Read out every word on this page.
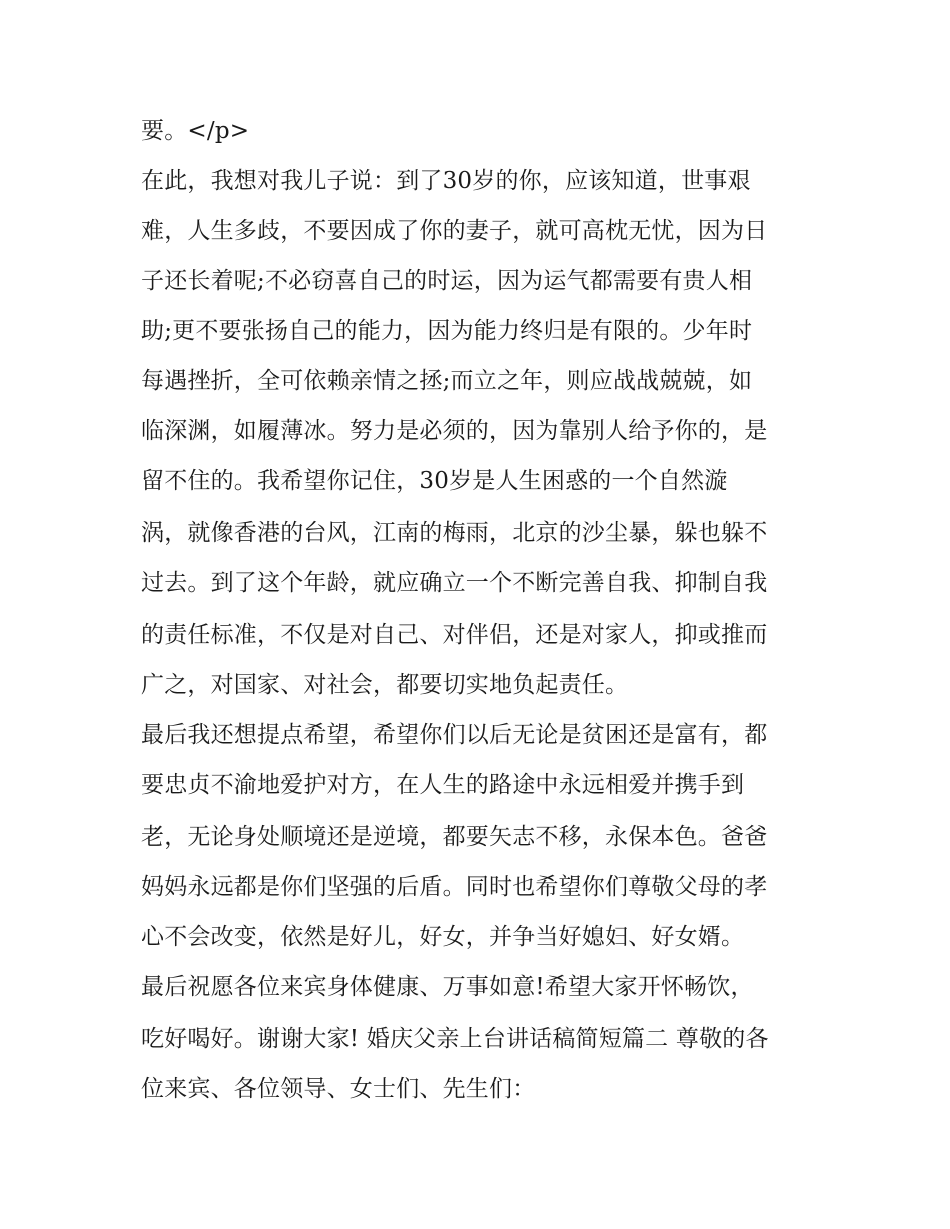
要。</p>
在此，我想对我儿子说：到了30岁的你，应该知道，世事艰
难，人生多歧，不要因成了你的妻子，就可高枕无忧，因为日
子还长着呢;不必窃喜自己的时运，因为运气都需要有贵人相
助;更不要张扬自己的能力，因为能力终归是有限的。少年时
每遇挫折，全可依赖亲情之拯;而立之年，则应战战兢兢，如
临深渊，如履薄冰。努力是必须的，因为靠别人给予你的，是
留不住的。我希望你记住，30岁是人生困惑的一个自然漩
涡，就像香港的台风，江南的梅雨，北京的沙尘暴，躲也躲不
过去。到了这个年龄，就应确立一个不断完善自我、抑制自我
的责任标准，不仅是对自己、对伴侣，还是对家人，抑或推而
广之，对国家、对社会，都要切实地负起责任。
最后我还想提点希望，希望你们以后无论是贫困还是富有，都
要忠贞不渝地爱护对方，在人生的路途中永远相爱并携手到
老，无论身处顺境还是逆境，都要矢志不移，永保本色。爸爸
妈妈永远都是你们坚强的后盾。同时也希望你们尊敬父母的孝
心不会改变，依然是好儿，好女，并争当好媳妇、好女婿。
最后祝愿各位来宾身体健康、万事如意!希望大家开怀畅饮，
吃好喝好。谢谢大家! 婚庆父亲上台讲话稿简短篇二 尊敬的各
位来宾、各位领导、女士们、先生们：
